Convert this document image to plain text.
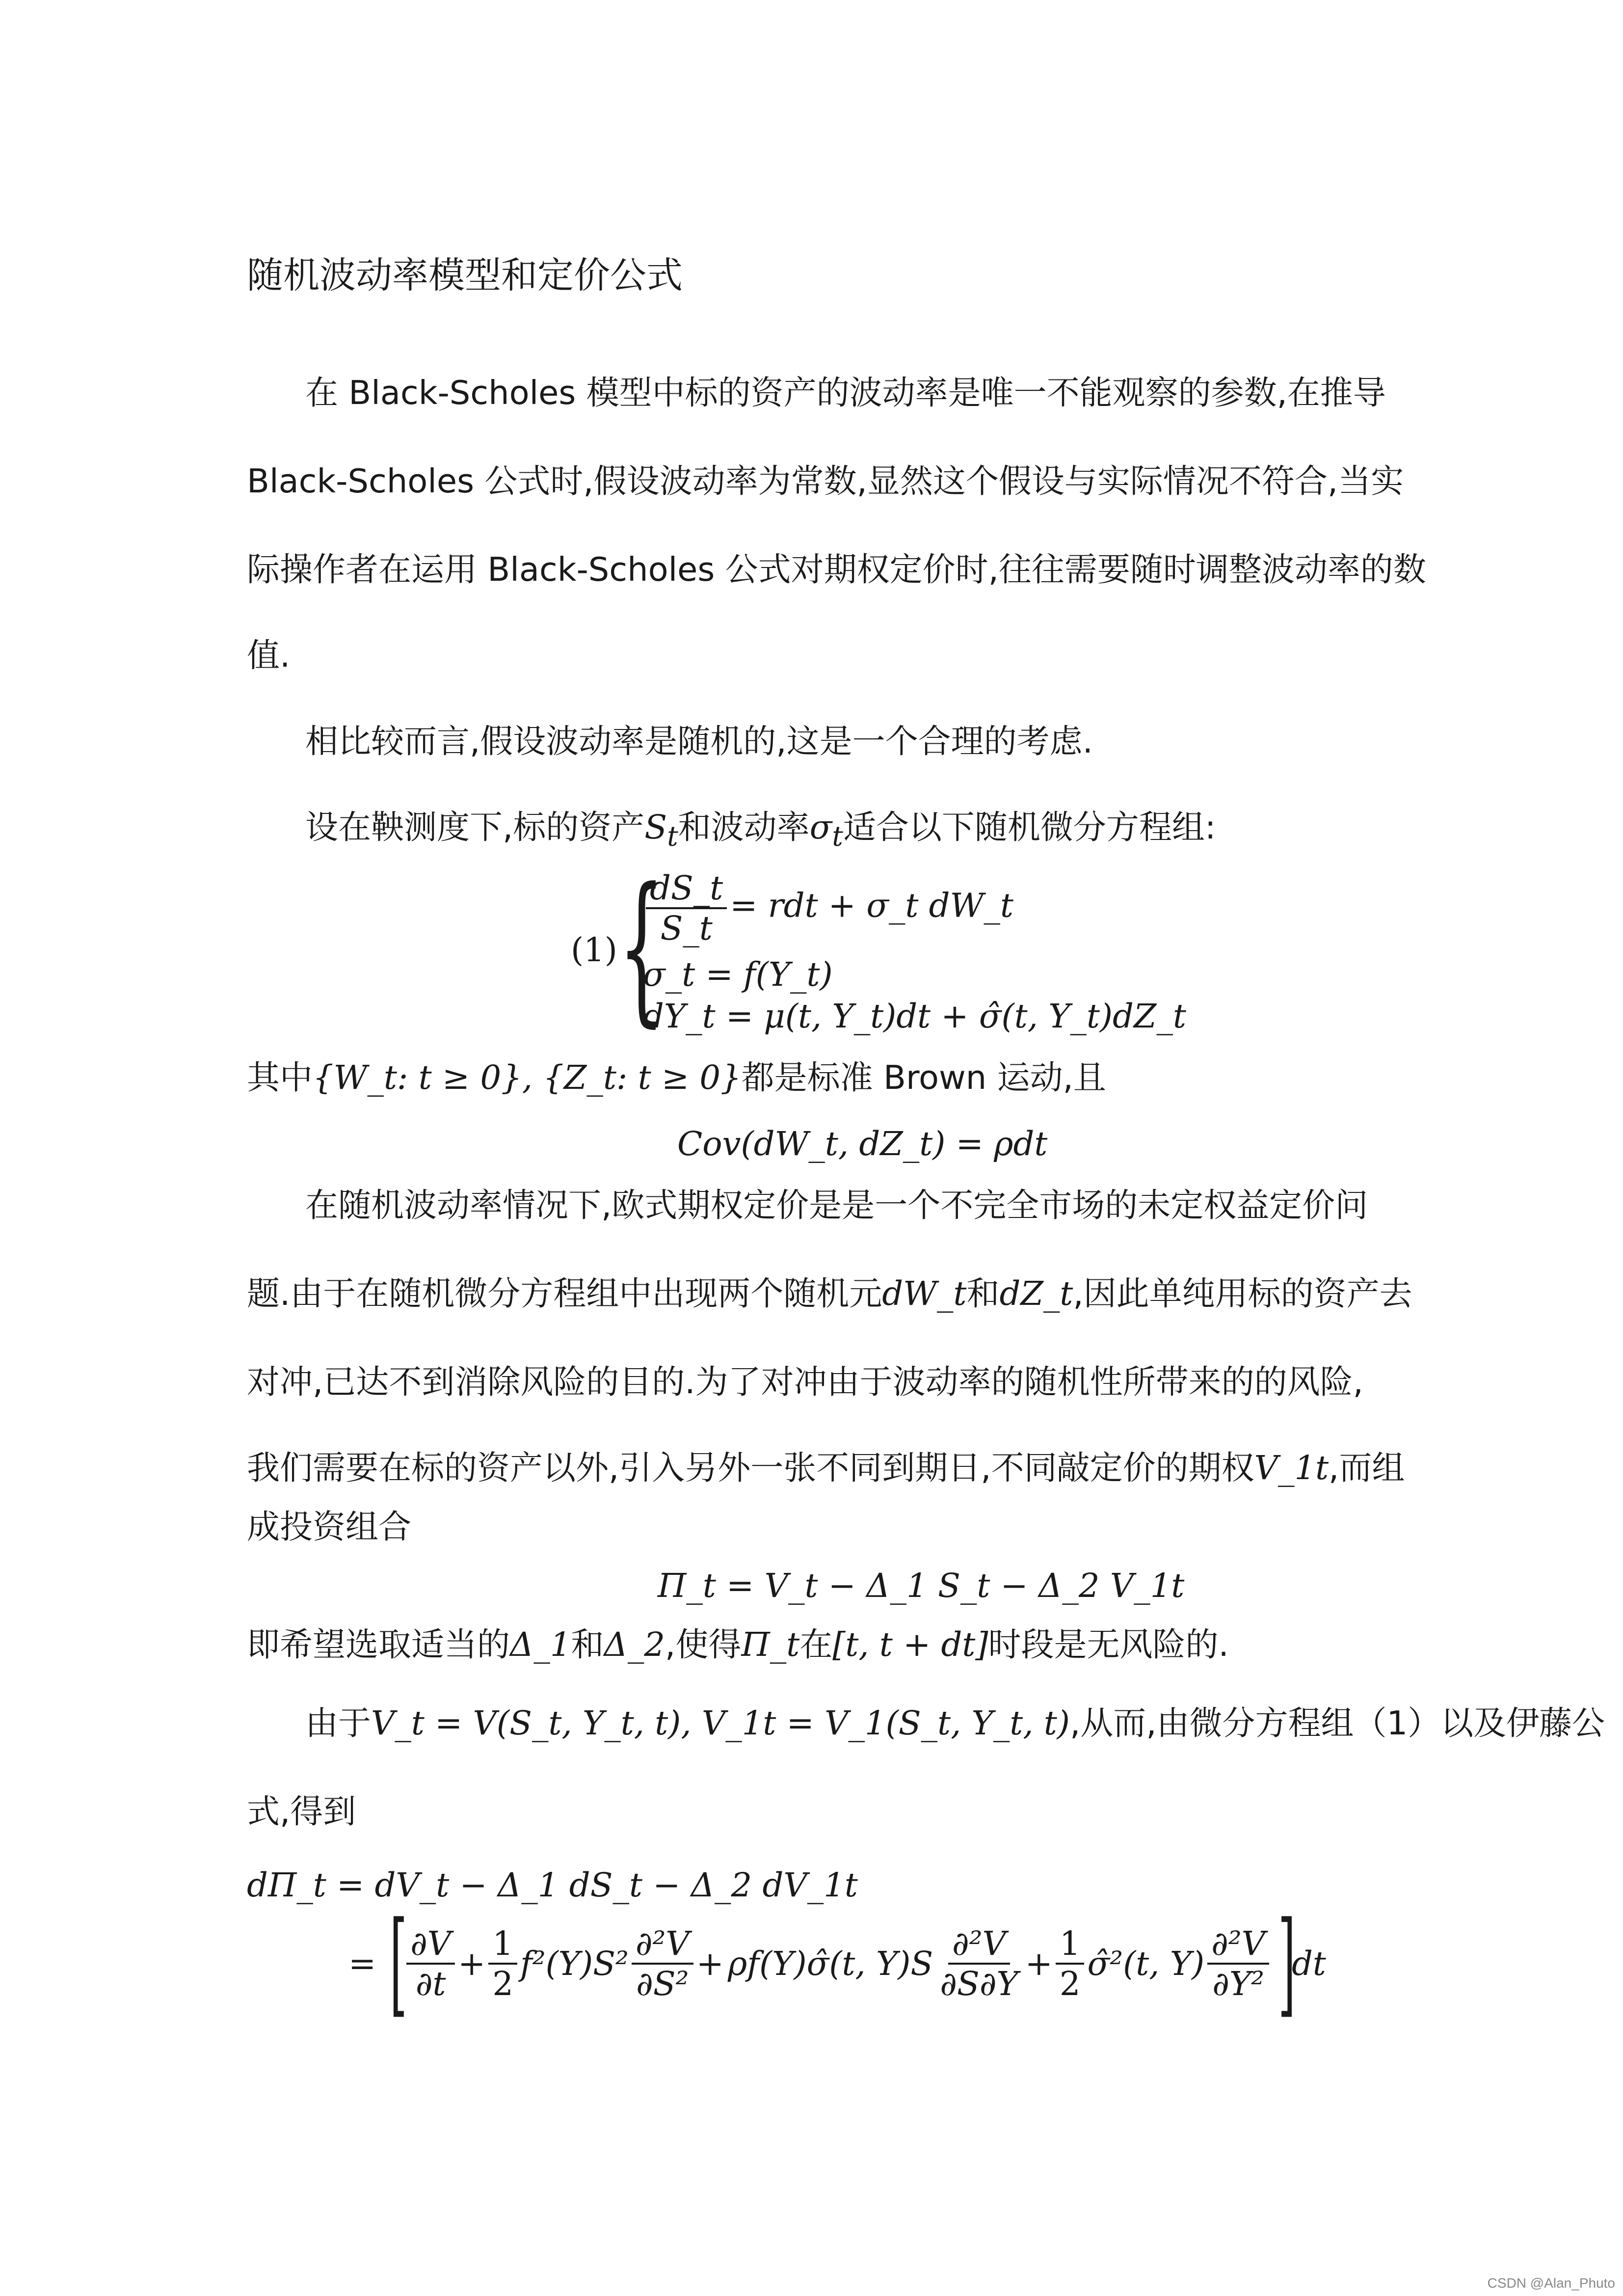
随机波动率模型和定价公式
在 Black-Scholes 模型中标的资产的波动率是唯一不能观察的参数,在推导
Black-Scholes 公式时,假设波动率为常数,显然这个假设与实际情况不符合,当实
际操作者在运用 Black-Scholes 公式对期权定价时,往往需要随时调整波动率的数
值.
相比较而言,假设波动率是随机的,这是一个合理的考虑.
设在鞅测度下,标的资产$S_t$和波动率$\sigma_t$适合以下随机微分方程组:
(1) {
$\frac{dS\_t}{S\_t}$ = rdt + σ_t dW_t
σ_t = f(Y_t)
dY_t = μ(t, Y_t)dt + σ̂(t, Y_t)dZ_t
其中{W_t: t ≥ 0}, {Z_t: t ≥ 0}都是标准 Brown 运动,且
Cov(dW_t, dZ_t) = ρdt
在随机波动率情况下,欧式期权定价是是一个不完全市场的未定权益定价问
题.由于在随机微分方程组中出现两个随机元dW_t和dZ_t,因此单纯用标的资产去
对冲,已达不到消除风险的目的.为了对冲由于波动率的随机性所带来的的风险,
我们需要在标的资产以外,引入另外一张不同到期日,不同敲定价的期权V_1t,而组
成投资组合
Π_t = V_t − Δ_1 S_t − Δ_2 V_1t
即希望选取适当的Δ_1和Δ_2,使得Π_t在[t, t + dt]时段是无风险的.
由于V_t = V(S_t, Y_t, t), V_1t = V_1(S_t, Y_t, t),从而,由微分方程组（1）以及伊藤公
式,得到
dΠ_t = dV_t − Δ_1 dS_t − Δ_2 dV_1t
= [
$\frac{\partial V}{\partial t} + \frac{1}{2} f^2(Y)S^2 \frac{\text{∂²V}}{\text{∂S²}}$ + ρf(Y)σ̂(t, $Y)S \frac{\text{∂²V}}{\partial S\partial Y} + \frac{1}{2}$ σ̂²(t, $Y) \frac{\text{∂²V}}{\text{∂Y²}}$ ]
dt
CSDN @Alan_Phuto
